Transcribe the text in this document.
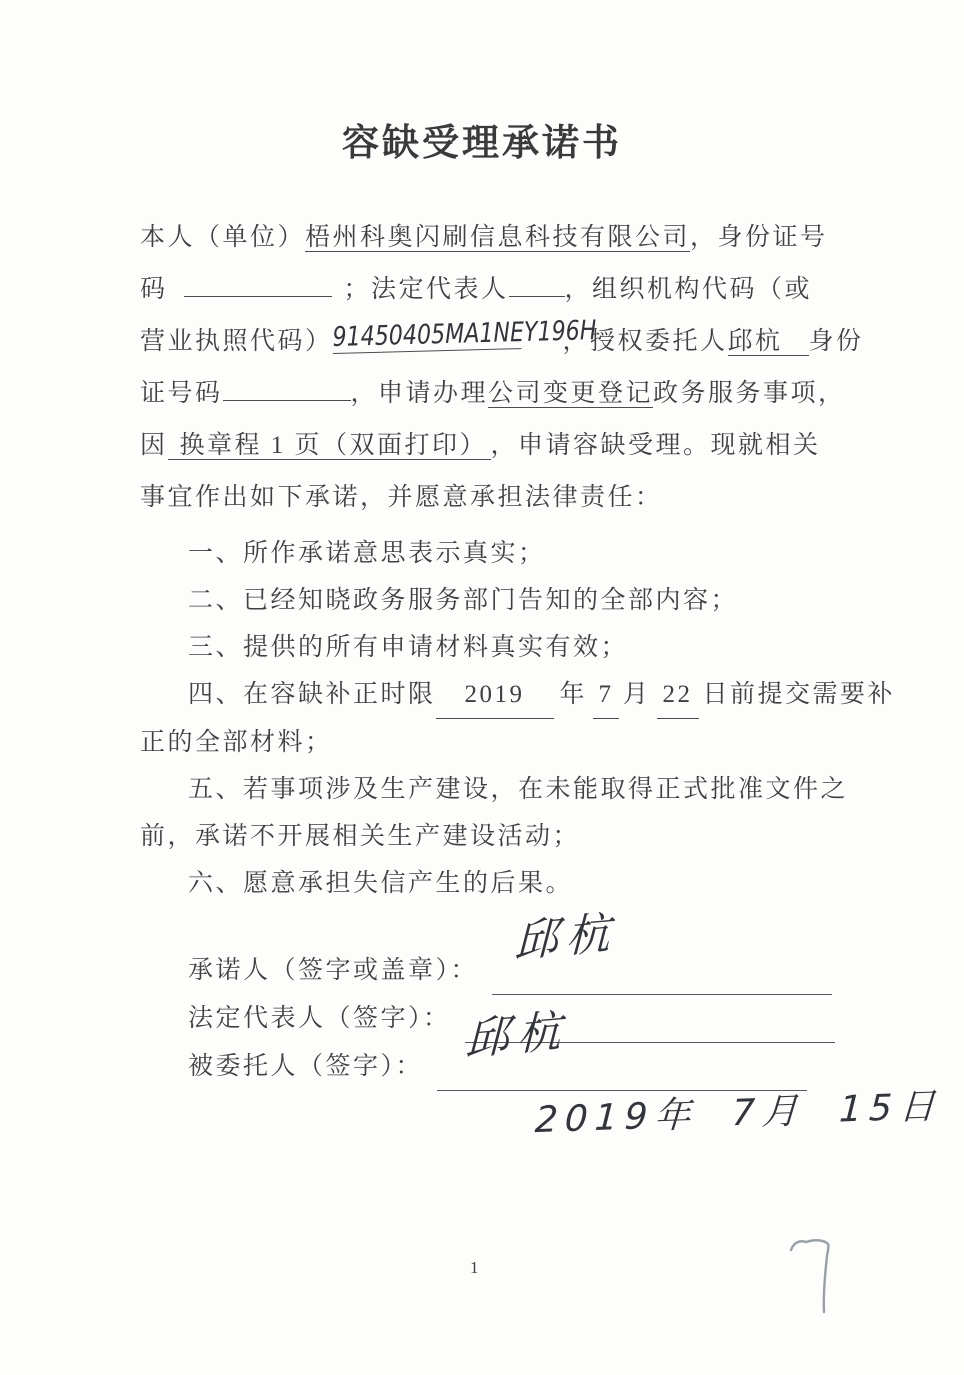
容缺受理承诺书
本人（单位）梧州科奥闪刷信息科技有限公司，身份证号
码	；法定代表人 ，组织机构代码（或
营业执照代码）91450405MA1NEY196H，授权委托人邱杭 身份
证号码	，申请办理公司变更登记政务服务事项，
因 换章程 1 页（双面打印） ，申请容缺受理。现就相关
事宜作出如下承诺，并愿意承担法律责任：
一、所作承诺意思表示真实；
二、已经知晓政务服务部门告知的全部内容；
三、提供的所有申请材料真实有效；
四、在容缺补正时限 2019 年 7 月 22 日前提交需要补
正的全部材料；
五、若事项涉及生产建设，在未能取得正式批准文件之
前，承诺不开展相关生产建设活动；
六、愿意承担失信产生的后果。
承诺人（签字或盖章）：
邱杭
法定代表人（签字）：
被委托人（签字）：
邱杭
2019年 7月 15日
1
